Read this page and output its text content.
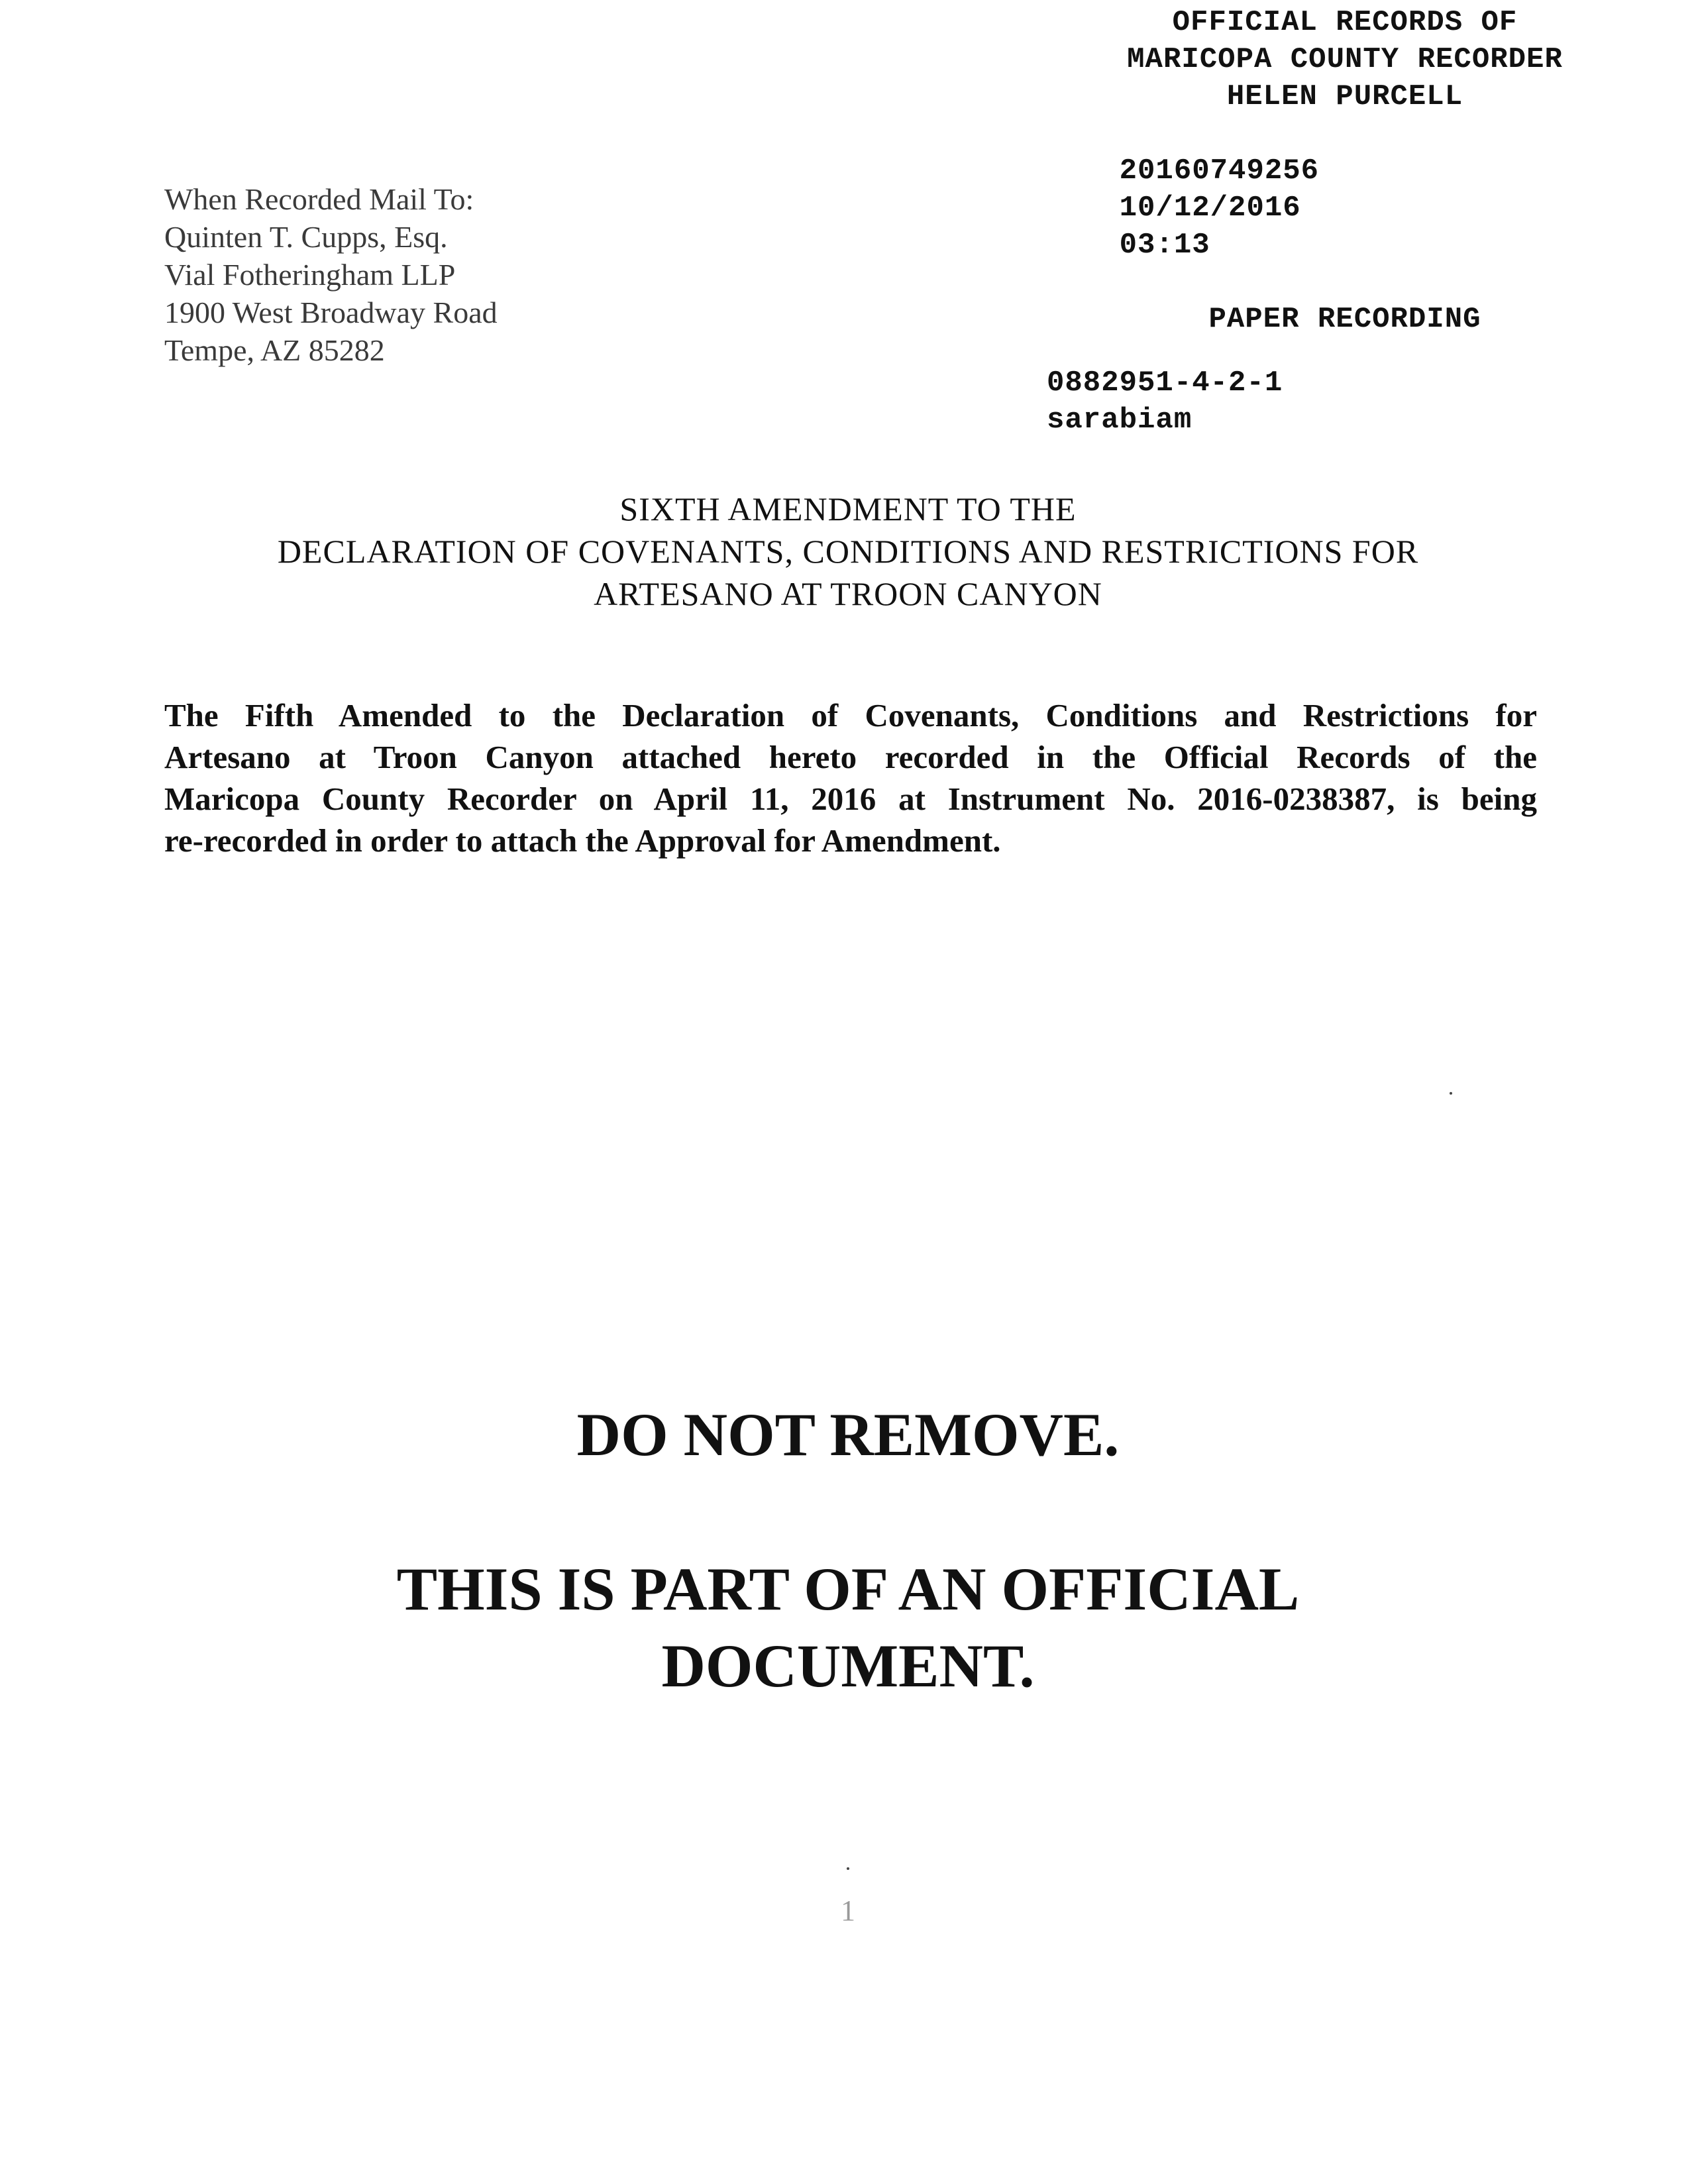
OFFICIAL RECORDS OF
MARICOPA COUNTY RECORDER
HELEN PURCELL

20160749256
10/12/2016
03:13

PAPER RECORDING
0882951-4-2-1
sarabiam
When Recorded Mail To:
Quinten T. Cupps, Esq.
Vial Fotheringham LLP
1900 West Broadway Road
Tempe, AZ 85282
SIXTH AMENDMENT TO THE
DECLARATION OF COVENANTS, CONDITIONS AND RESTRICTIONS FOR
ARTESANO AT TROON CANYON
The Fifth Amended to the Declaration of Covenants, Conditions and Restrictions for
Artesano at Troon Canyon attached hereto recorded in the Official Records of the
Maricopa County Recorder on April 11, 2016 at Instrument No. 2016-0238387, is being
re-recorded in order to attach the Approval for Amendment.
DO NOT REMOVE.
THIS IS PART OF AN OFFICIAL
DOCUMENT.
1
